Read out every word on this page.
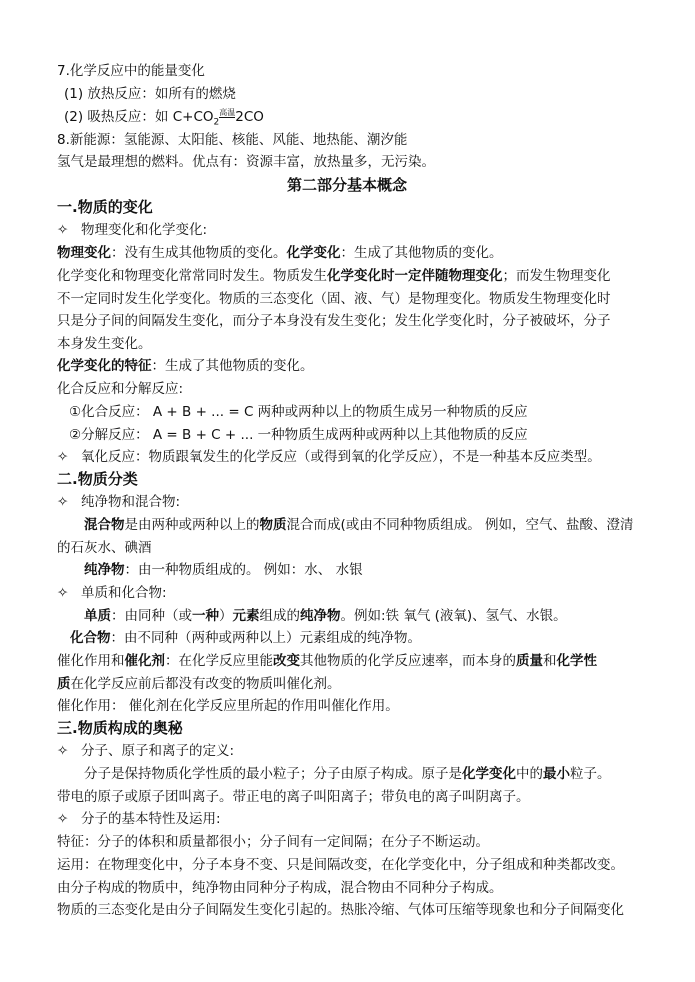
7.化学反应中的能量变化
(1) 放热反应：如所有的燃烧
(2) 吸热反应：如 $C+CO_2^{高温}2CO$
8.新能源：氢能源、太阳能、核能、风能、地热能、潮汐能
氢气是最理想的燃料。优点有：资源丰富，放热量多，无污染。
第二部分基本概念
一.物质的变化
✧ 物理变化和化学变化:
物理变化：没有生成其他物质的变化。化学变化：生成了其他物质的变化。
化学变化和物理变化常常同时发生。物质发生化学变化时一定伴随物理变化；而发生物理变化
不一定同时发生化学变化。物质的三态变化（固、液、气）是物理变化。物质发生物理变化时
只是分子间的间隔发生变化，而分子本身没有发生变化；发生化学变化时，分子被破坏，分子
本身发生变化。
化学变化的特征：生成了其他物质的变化。
化合反应和分解反应:
①化合反应： A + B + ... = C 两种或两种以上的物质生成另一种物质的反应
②分解反应： A = B + C + ... 一种物质生成两种或两种以上其他物质的反应
✧ 氧化反应：物质跟氧发生的化学反应（或得到氧的化学反应），不是一种基本反应类型。
二.物质分类
✧ 纯净物和混合物:
混合物是由两种或两种以上的物质混合而成(或由不同种物质组成。 例如，空气、盐酸、澄清
的石灰水、碘酒
纯净物：由一种物质组成的。 例如：水、 水银
✧ 单质和化合物:
单质：由同种（或一种）元素组成的纯净物。例如:铁 氧气 (液氧)、氢气、水银。
化合物：由不同种（两种或两种以上）元素组成的纯净物。
催化作用和催化剂：在化学反应里能改变其他物质的化学反应速率，而本身的质量和化学性
质在化学反应前后都没有改变的物质叫催化剂。
催化作用： 催化剂在化学反应里所起的作用叫催化作用。
三.物质构成的奥秘
✧ 分子、原子和离子的定义:
分子是保持物质化学性质的最小粒子；分子由原子构成。原子是化学变化中的最小粒子。
带电的原子或原子团叫离子。带正电的离子叫阳离子；带负电的离子叫阴离子。
✧ 分子的基本特性及运用:
特征：分子的体积和质量都很小；分子间有一定间隔；在分子不断运动。
运用：在物理变化中，分子本身不变、只是间隔改变，在化学变化中，分子组成和种类都改变。
由分子构成的物质中，纯净物由同种分子构成，混合物由不同种分子构成。
物质的三态变化是由分子间隔发生变化引起的。热胀冷缩、气体可压缩等现象也和分子间隔变化
